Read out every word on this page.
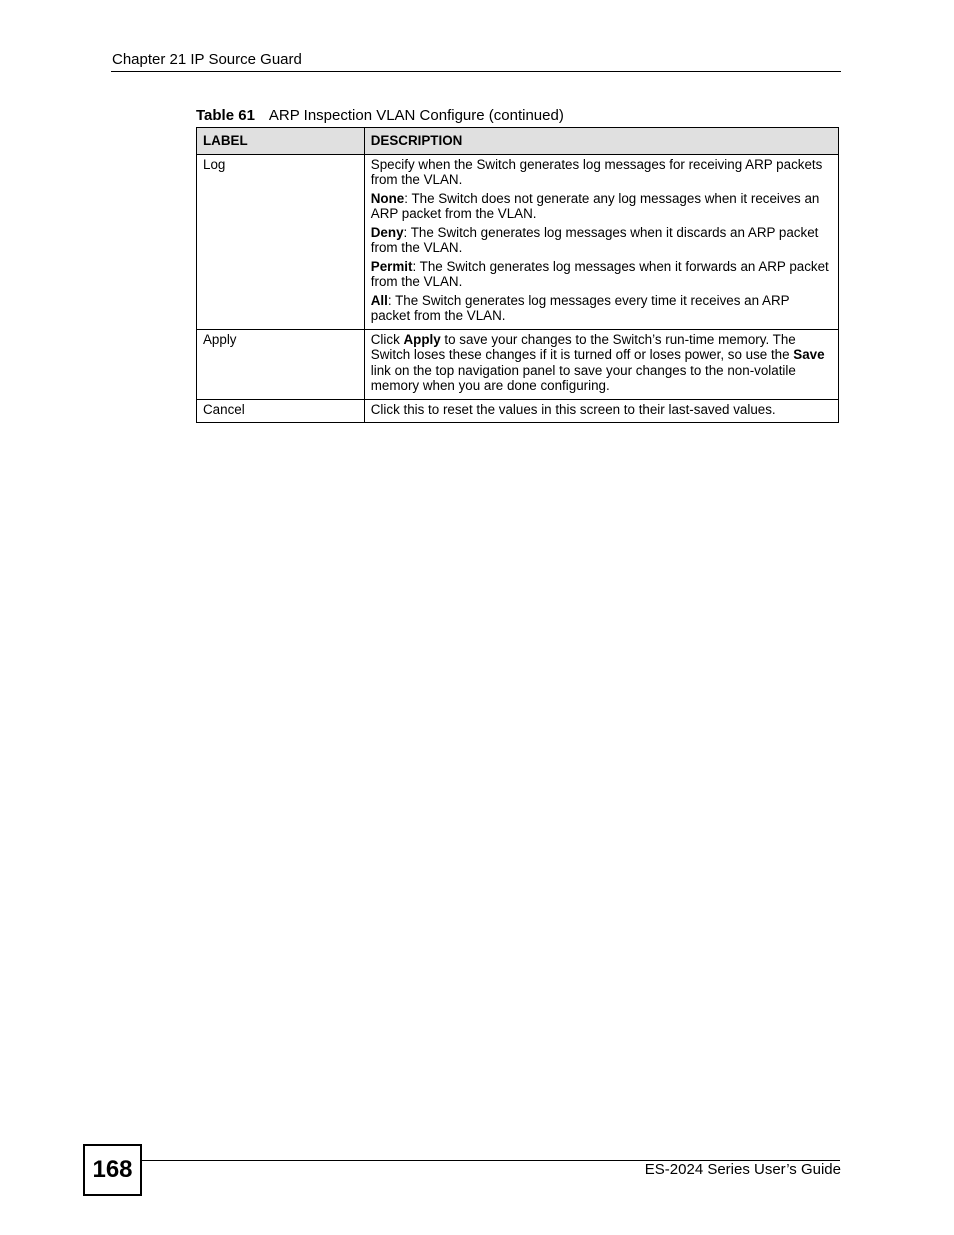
Chapter 21 IP Source Guard
Table 61 ARP Inspection VLAN Configure (continued)
LABEL	DESCRIPTION
Log	Specify when the Switch generates log messages for receiving ARP packets from the VLAN.

None: The Switch does not generate any log messages when it receives an ARP packet from the VLAN.

Deny: The Switch generates log messages when it discards an ARP packet from the VLAN.

Permit: The Switch generates log messages when it forwards an ARP packet from the VLAN.

All: The Switch generates log messages every time it receives an ARP packet from the VLAN.

Apply	Click Apply to save your changes to the Switch’s run-time memory. The Switch loses these changes if it is turned off or loses power, so use the Save link on the top navigation panel to save your changes to the non-volatile memory when you are done configuring.
Cancel	Click this to reset the values in this screen to their last-saved values.
168	ES-2024 Series User’s Guide
